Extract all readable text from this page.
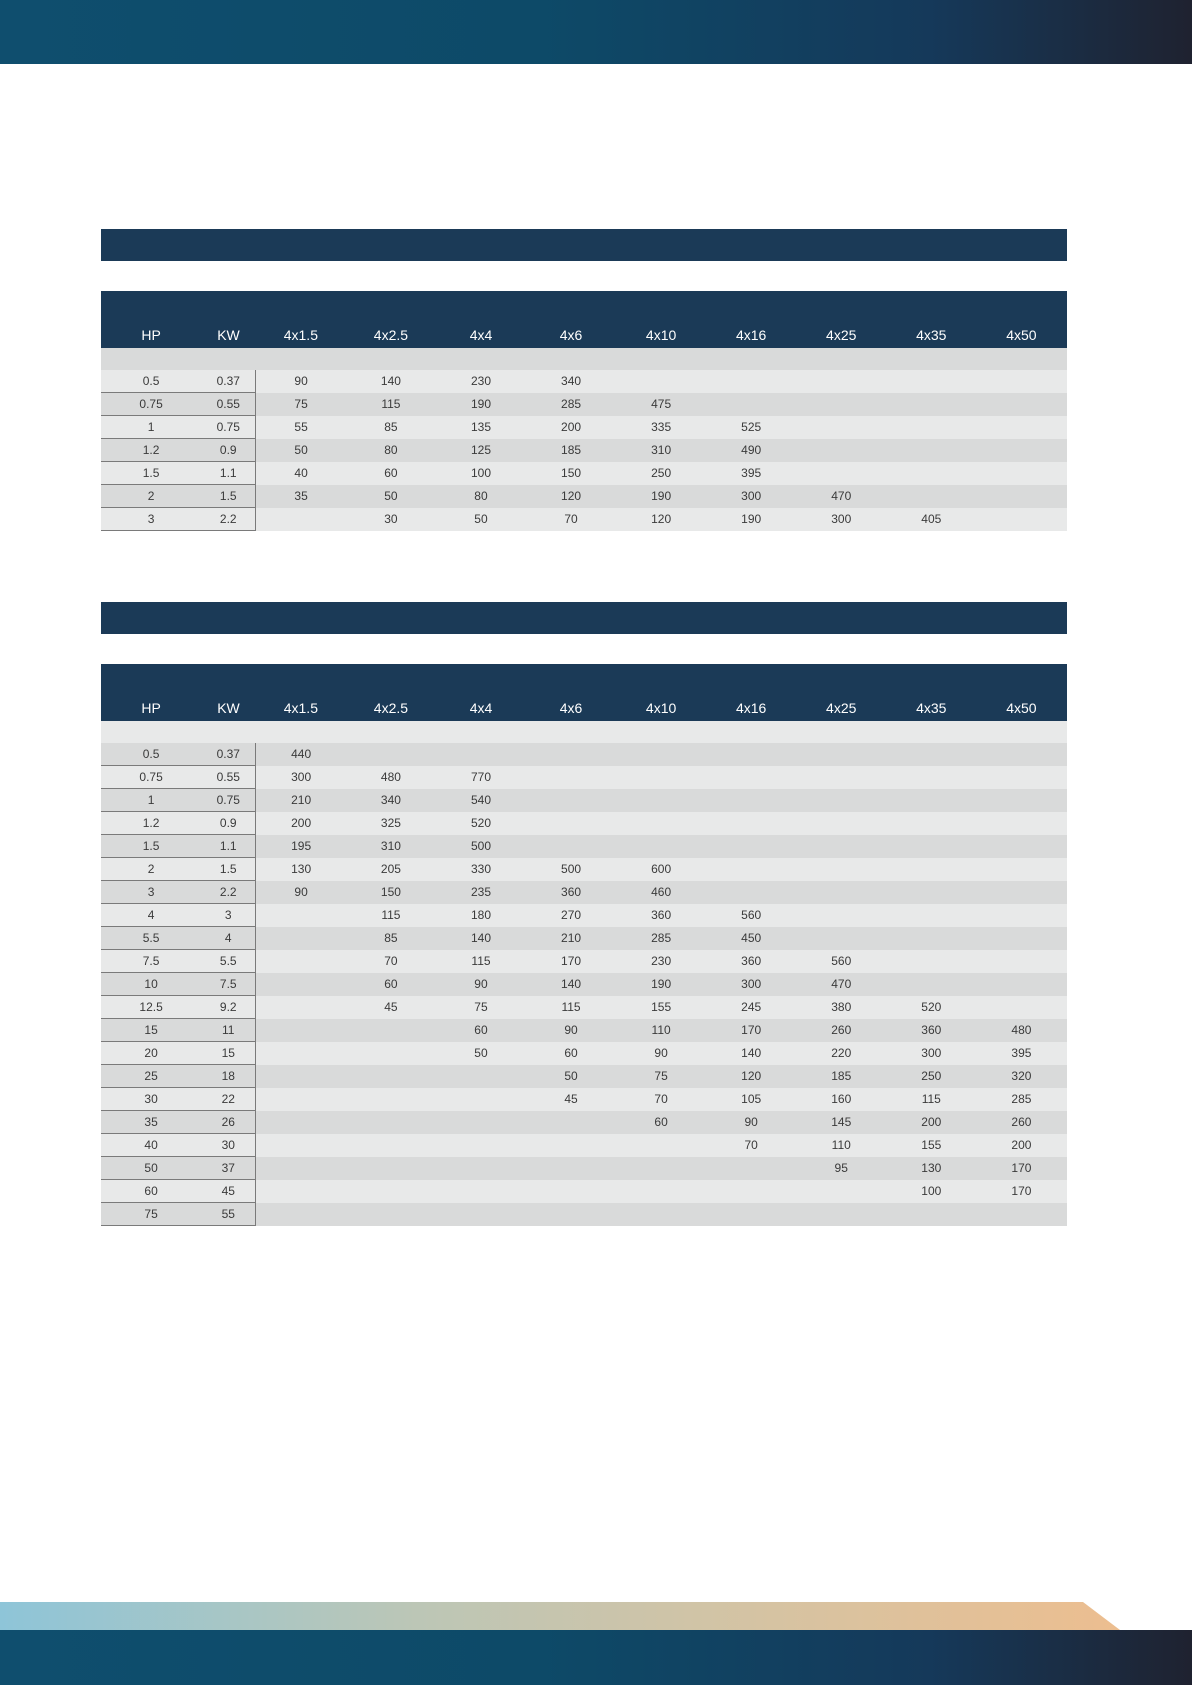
HP	KW	4x1.5	4x2.5	4x4	4x6	4x10	4x16	4x25	4x35	4x50

0.5	0.37	90	140	230	340					
0.75	0.55	75	115	190	285	475				
1	0.75	55	85	135	200	335	525			
1.2	0.9	50	80	125	185	310	490			
1.5	1.1	40	60	100	150	250	395			
2	1.5	35	50	80	120	190	300	470		
3	2.2		30	50	70	120	190	300	405	
HP	KW	4x1.5	4x2.5	4x4	4x6	4x10	4x16	4x25	4x35	4x50

0.5	0.37	440								
0.75	0.55	300	480	770						
1	0.75	210	340	540						
1.2	0.9	200	325	520						
1.5	1.1	195	310	500						
2	1.5	130	205	330	500	600				
3	2.2	90	150	235	360	460				
4	3		115	180	270	360	560			
5.5	4		85	140	210	285	450			
7.5	5.5		70	115	170	230	360	560		
10	7.5		60	90	140	190	300	470		
12.5	9.2		45	75	115	155	245	380	520	
15	11			60	90	110	170	260	360	480
20	15			50	60	90	140	220	300	395
25	18				50	75	120	185	250	320
30	22				45	70	105	160	115	285
35	26					60	90	145	200	260
40	30						70	110	155	200
50	37							95	130	170
60	45								100	170
75	55									
